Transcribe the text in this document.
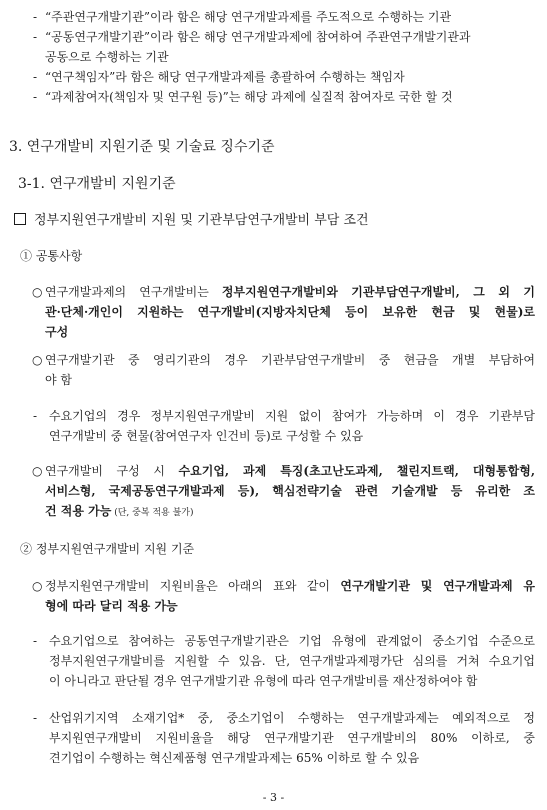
- “주관연구개발기관”이라 함은 해당 연구개발과제를 주도적으로 수행하는 기관
- “공동연구개발기관”이라 함은 해당 연구개발과제에 참여하여 주관연구개발기관과
공동으로 수행하는 기관
- “연구책임자”라 함은 해당 연구개발과제를 총괄하여 수행하는 책임자
- “과제참여자(책임자 및 연구원 등)”는 해당 과제에 실질적 참여자로 국한 할 것
3. 연구개발비 지원기준 및 기술료 징수기준
3-1. 연구개발비 지원기준
정부지원연구개발비 지원 및 기관부담연구개발비 부담 조건
① 공통사항
○ 연구개발과제의 연구개발비는 정부지원연구개발비와 기관부담연구개발비, 그 외 기
관·단체·개인이 지원하는 연구개발비(지방자치단체 등이 보유한 현금 및 현물)로
구성
○ 연구개발기관 중 영리기관의 경우 기관부담연구개발비 중 현금을 개별 부담하여
야 함
- 수요기업의 경우 정부지원연구개발비 지원 없이 참여가 가능하며 이 경우 기관부담
연구개발비 중 현물(참여연구자 인건비 등)로 구성할 수 있음
○ 연구개발비 구성 시 수요기업, 과제 특징(초고난도과제, 챌린지트랙, 대형통합형,
서비스형, 국제공동연구개발과제 등), 핵심전략기술 관련 기술개발 등 유리한 조
건 적용 가능 (단, 중복 적용 불가)
② 정부지원연구개발비 지원 기준
○ 정부지원연구개발비 지원비율은 아래의 표와 같이 연구개발기관 및 연구개발과제 유
형에 따라 달리 적용 가능
- 수요기업으로 참여하는 공동연구개발기관은 기업 유형에 관계없이 중소기업 수준으로
정부지원연구개발비를 지원할 수 있음. 단, 연구개발과제평가단 심의를 거쳐 수요기업
이 아니라고 판단될 경우 연구개발기관 유형에 따라 연구개발비를 재산정하여야 함
- 산업위기지역 소재기업* 중, 중소기업이 수행하는 연구개발과제는 예외적으로 정
부지원연구개발비 지원비율을 해당 연구개발기관 연구개발비의 80% 이하로, 중
견기업이 수행하는 혁신제품형 연구개발과제는 65% 이하로 할 수 있음
- 3 -
